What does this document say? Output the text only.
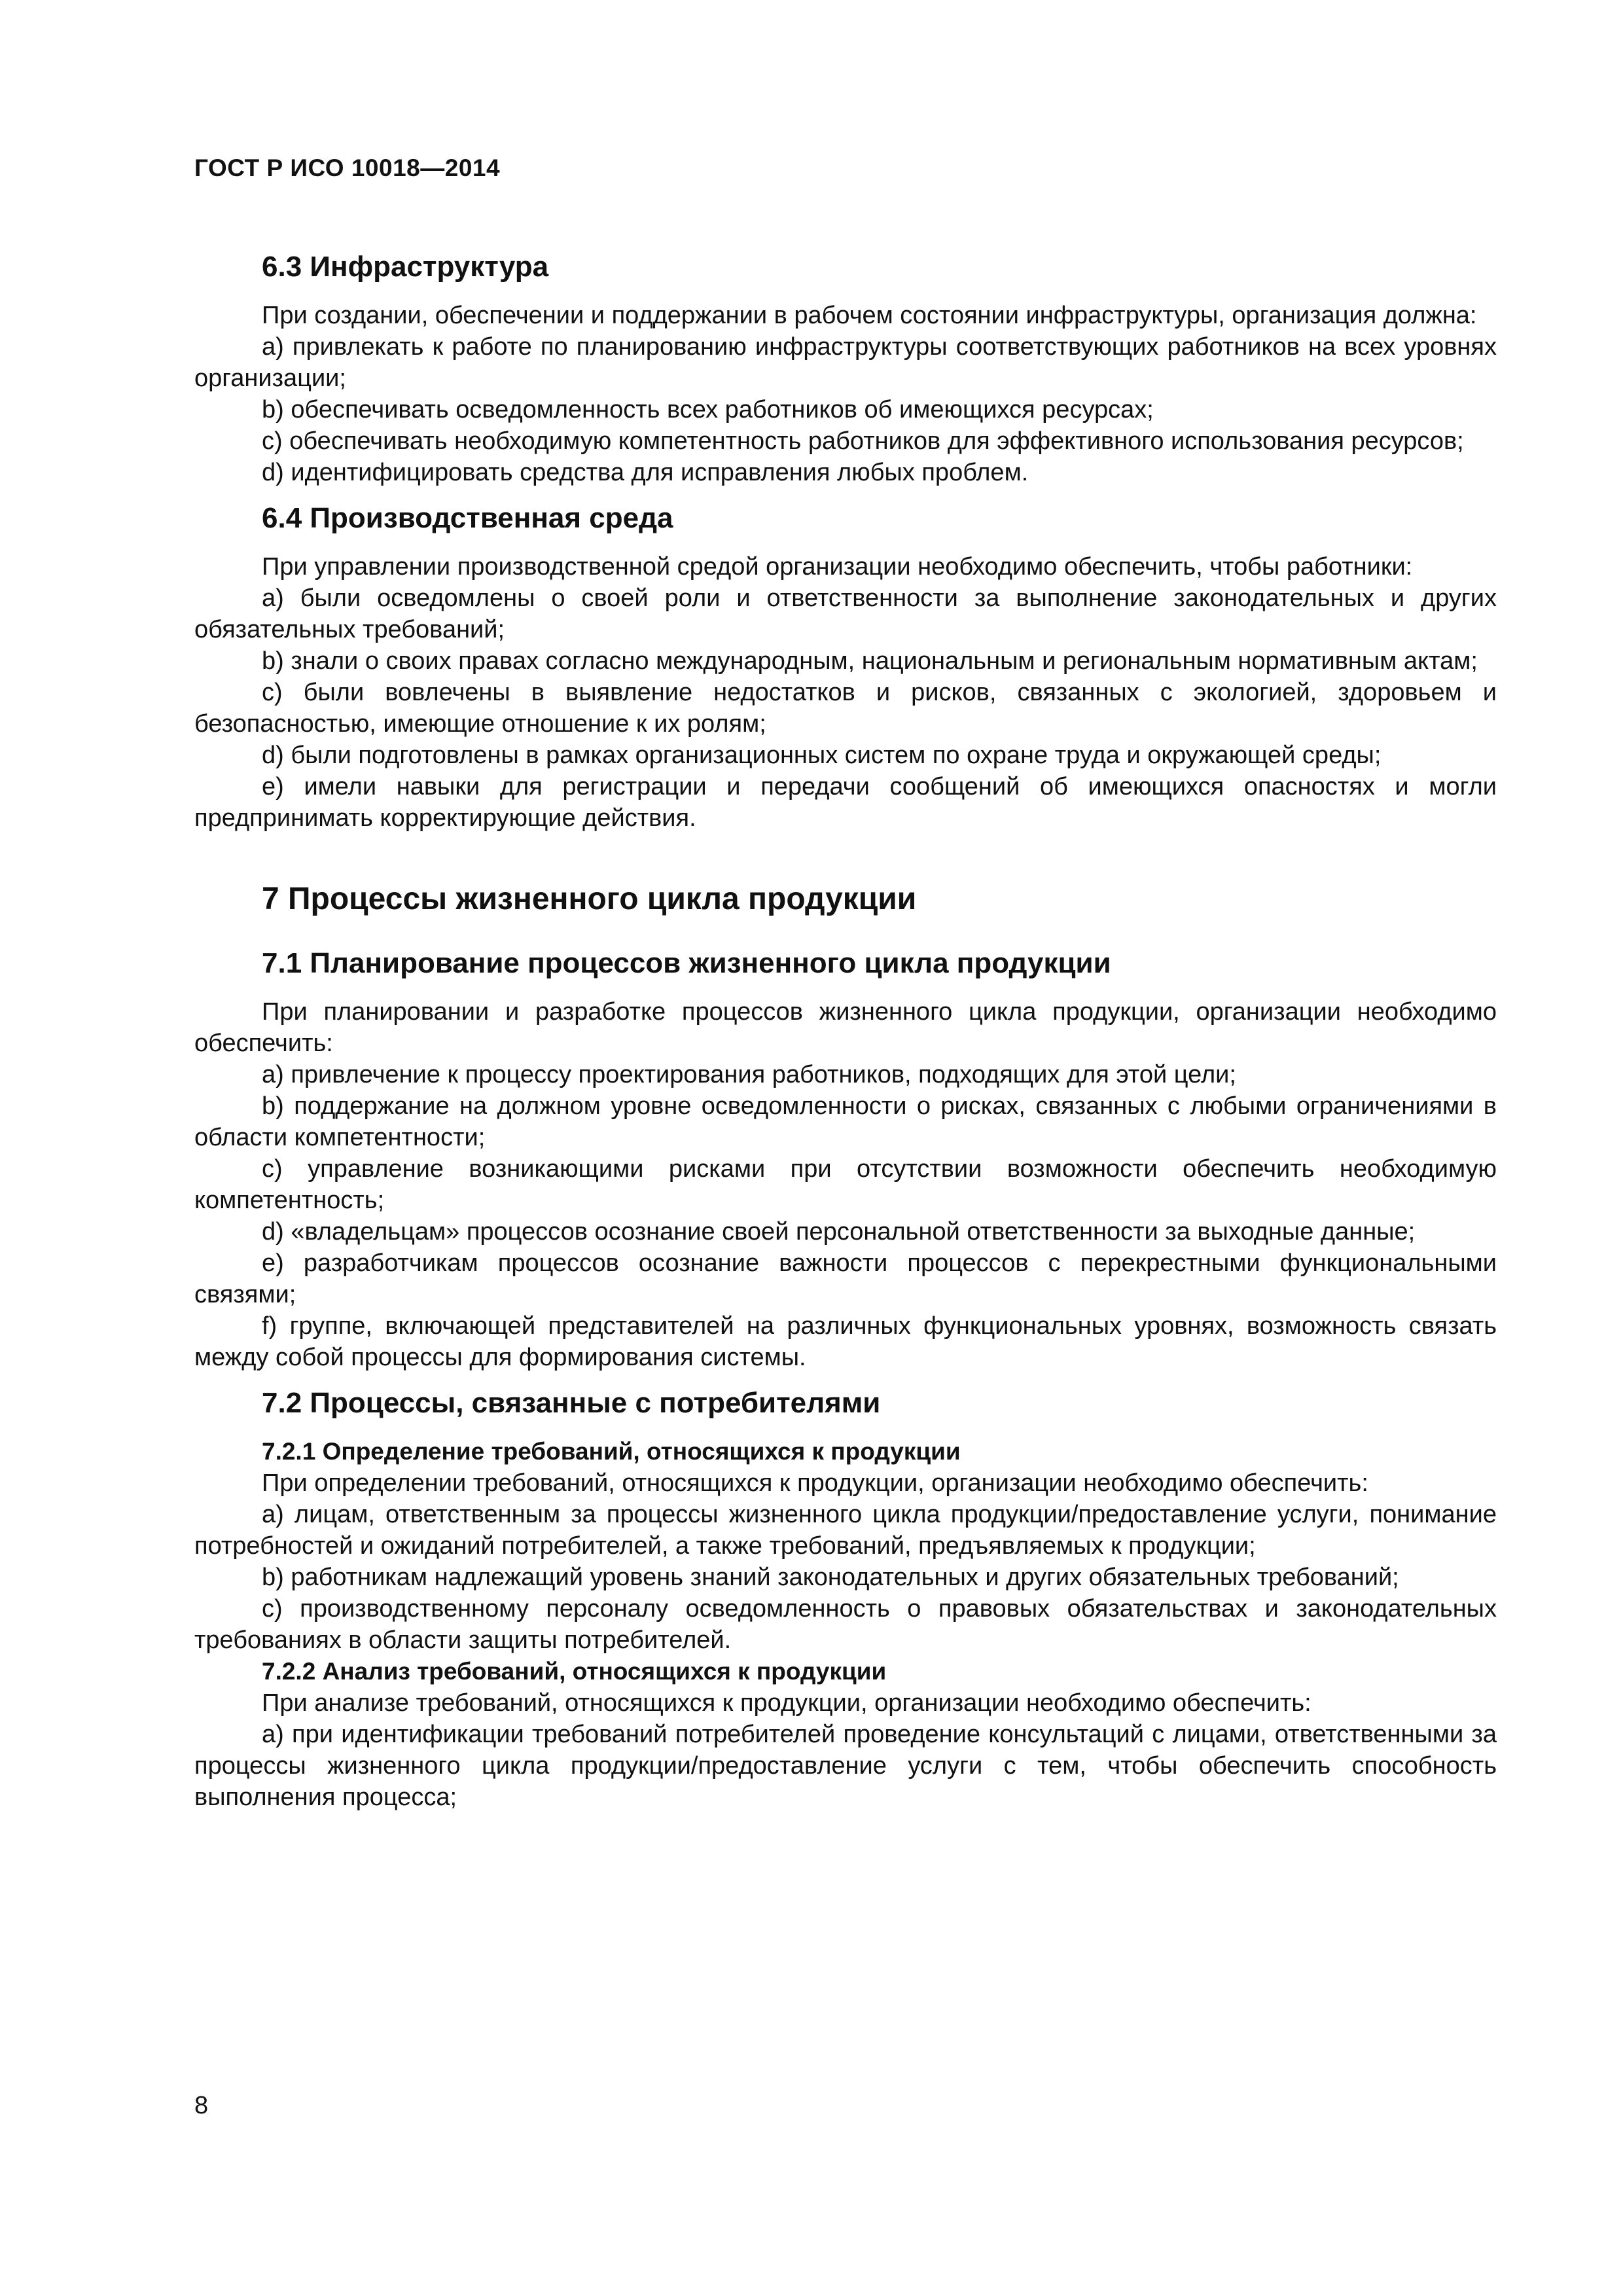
ГОСТ Р ИСО 10018—2014
6.3 Инфраструктура

При создании, обеспечении и поддержании в рабочем состоянии инфраструктуры, организация должна:

a) привлекать к работе по планированию инфраструктуры соответствующих работников на всех уровнях организации;

b) обеспечивать осведомленность всех работников об имеющихся ресурсах;

c) обеспечивать необходимую компетентность работников для эффективного использования ресурсов;

d) идентифицировать средства для исправления любых проблем.

6.4 Производственная среда

При управлении производственной средой организации необходимо обеспечить, чтобы работники:

a) были осведомлены о своей роли и ответственности за выполнение законодательных и других обязательных требований;

b) знали о своих правах согласно международным, национальным и региональным нормативным актам;

c) были вовлечены в выявление недостатков и рисков, связанных с экологией, здоровьем и безопасностью, имеющие отношение к их ролям;

d) были подготовлены в рамках организационных систем по охране труда и окружающей среды;

e) имели навыки для регистрации и передачи сообщений об имеющихся опасностях и могли предпринимать корректирующие действия.

7 Процессы жизненного цикла продукции
7.1 Планирование процессов жизненного цикла продукции

При планировании и разработке процессов жизненного цикла продукции, организации необходимо обеспечить:

a) привлечение к процессу проектирования работников, подходящих для этой цели;

b) поддержание на должном уровне осведомленности о рисках, связанных с любыми ограничениями в области компетентности;

c) управление возникающими рисками при отсутствии возможности обеспечить необходимую компетентность;

d) «владельцам» процессов осознание своей персональной ответственности за выходные данные;

e) разработчикам процессов осознание важности процессов с перекрестными функциональными связями;

f) группе, включающей представителей на различных функциональных уровнях, возможность связать между собой процессы для формирования системы.

7.2 Процессы, связанные с потребителями
7.2.1 Определение требований, относящихся к продукции

При определении требований, относящихся к продукции, организации необходимо обеспечить:

a) лицам, ответственным за процессы жизненного цикла продукции/предоставление услуги, понимание потребностей и ожиданий потребителей, а также требований, предъявляемых к продукции;

b) работникам надлежащий уровень знаний законодательных и других обязательных требований;

c) производственному персоналу осведомленность о правовых обязательствах и законодательных требованиях в области защиты потребителей.

7.2.2 Анализ требований, относящихся к продукции

При анализе требований, относящихся к продукции, организации необходимо обеспечить:

a) при идентификации требований потребителей проведение консультаций с лицами, ответственными за процессы жизненного цикла продукции/предоставление услуги с тем, чтобы обеспечить способность выполнения процесса;

8
